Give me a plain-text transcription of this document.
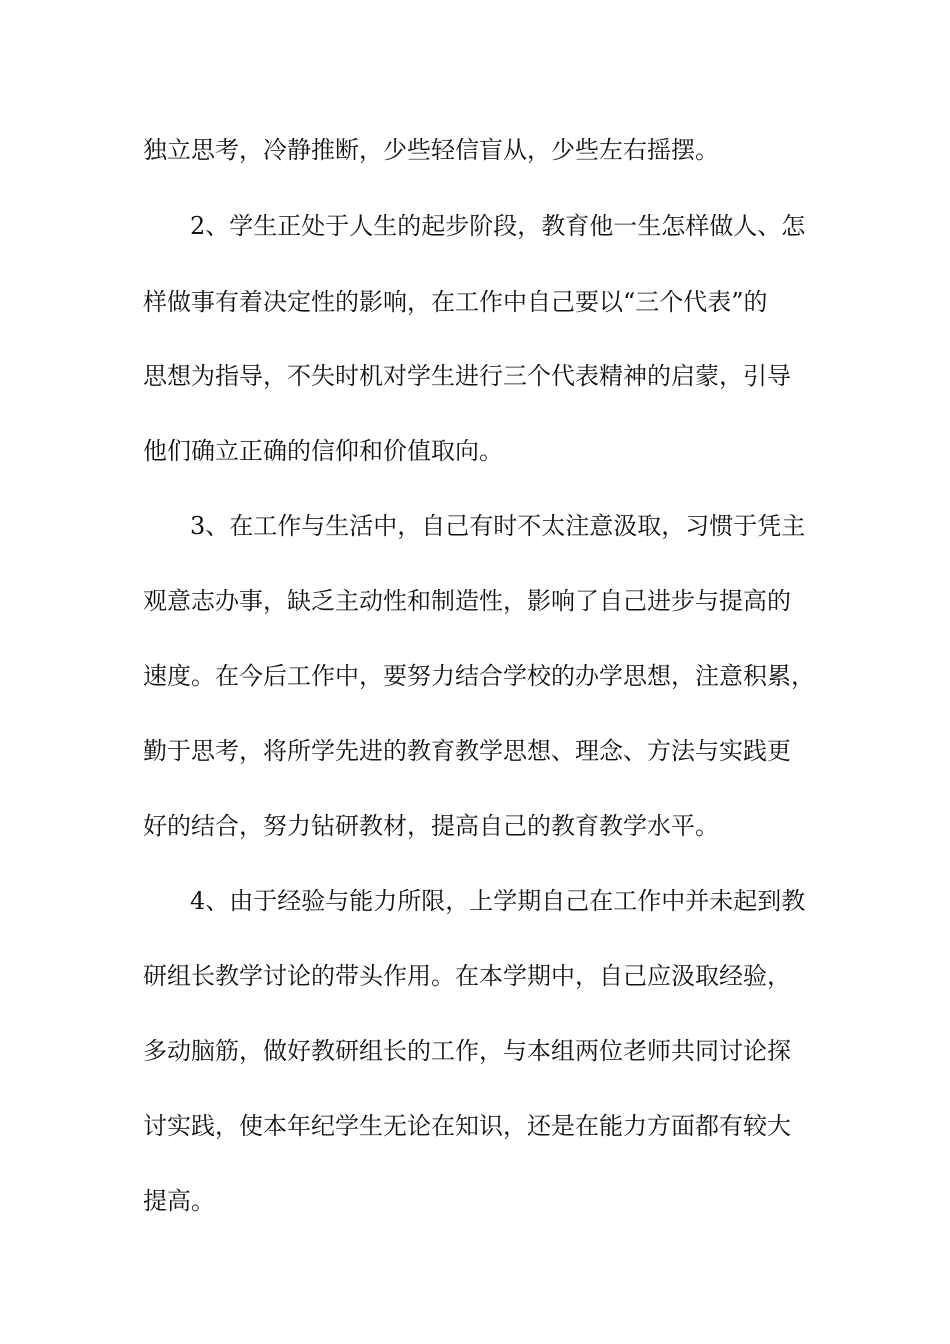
独立思考，冷静推断，少些轻信盲从，少些左右摇摆。

2、学生正处于人生的起步阶段，教育他一生怎样做人、怎

样做事有着决定性的影响，在工作中自己要以“三个代表”的

思想为指导，不失时机对学生进行三个代表精神的启蒙，引导

他们确立正确的信仰和价值取向。

3、在工作与生活中，自己有时不太注意汲取，习惯于凭主

观意志办事，缺乏主动性和制造性，影响了自己进步与提高的

速度。在今后工作中，要努力结合学校的办学思想，注意积累，

勤于思考，将所学先进的教育教学思想、理念、方法与实践更

好的结合，努力钻研教材，提高自己的教育教学水平。

4、由于经验与能力所限，上学期自己在工作中并未起到教

研组长教学讨论的带头作用。在本学期中，自己应汲取经验，

多动脑筋，做好教研组长的工作，与本组两位老师共同讨论探

讨实践，使本年纪学生无论在知识，还是在能力方面都有较大

提高。
